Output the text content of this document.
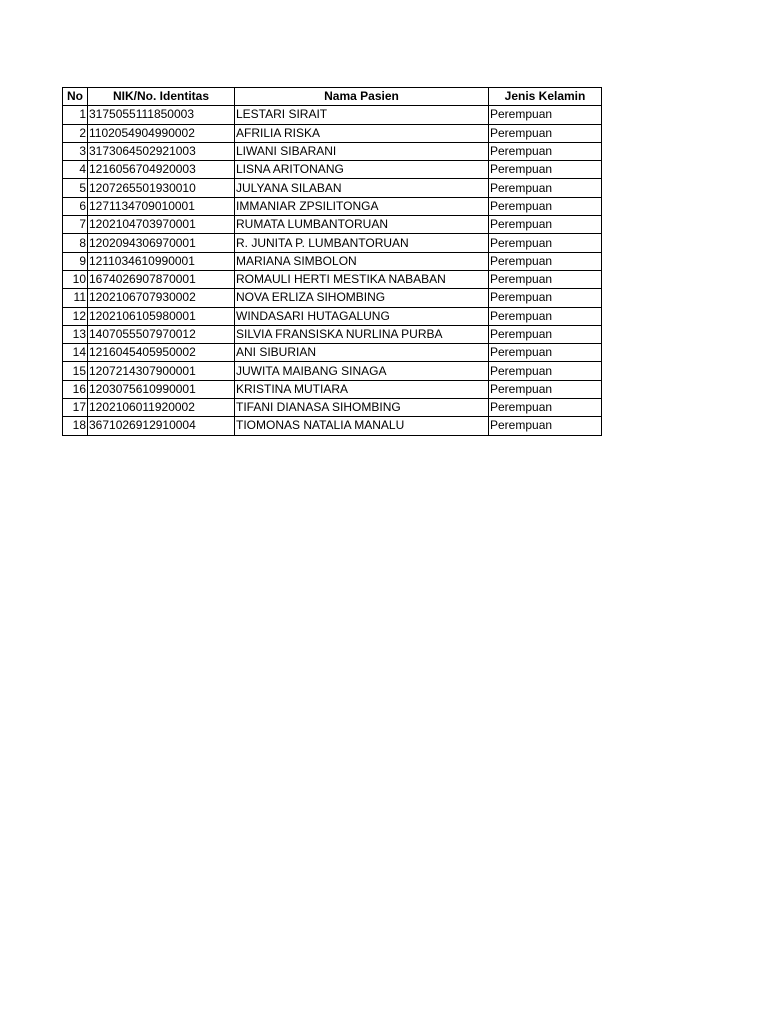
No	NIK/No. Identitas	Nama Pasien	Jenis Kelamin
1	3175055111850003	LESTARI SIRAIT	Perempuan
2	1102054904990002	AFRILIA RISKA	Perempuan
3	3173064502921003	LIWANI SIBARANI	Perempuan
4	1216056704920003	LISNA ARITONANG	Perempuan
5	1207265501930010	JULYANA SILABAN	Perempuan
6	1271134709010001	IMMANIAR ZPSILITONGA	Perempuan
7	1202104703970001	RUMATA LUMBANTORUAN	Perempuan
8	1202094306970001	R. JUNITA P. LUMBANTORUAN	Perempuan
9	1211034610990001	MARIANA SIMBOLON	Perempuan
10	1674026907870001	ROMAULI HERTI MESTIKA NABABAN	Perempuan
11	1202106707930002	NOVA ERLIZA SIHOMBING	Perempuan
12	1202106105980001	WINDASARI HUTAGALUNG	Perempuan
13	1407055507970012	SILVIA FRANSISKA NURLINA PURBA	Perempuan
14	1216045405950002	ANI SIBURIAN	Perempuan
15	1207214307900001	JUWITA MAIBANG SINAGA	Perempuan
16	1203075610990001	KRISTINA MUTIARA	Perempuan
17	1202106011920002	TIFANI DIANASA SIHOMBING	Perempuan
18	3671026912910004	TIOMONAS NATALIA MANALU	Perempuan
